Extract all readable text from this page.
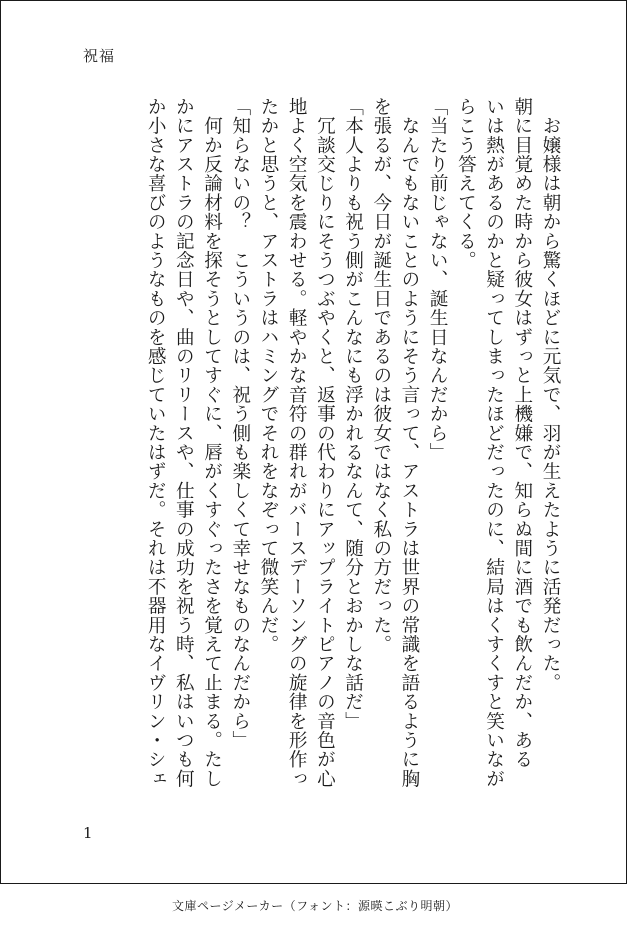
祝福
　お嬢様は朝から驚くほどに元気で、羽が生えたように活発だった。
朝に目覚めた時から彼女はずっと上機嫌で、知らぬ間に酒でも飲んだか、ある
いは熱があるのかと疑ってしまったほどだったのに、結局はくすくすと笑いなが
らこう答えてくる。
「当たり前じゃない、誕生日なんだから」
　なんでもないことのようにそう言って、アストラは世界の常識を語るように胸
を張るが、今日が誕生日であるのは彼女ではなく私の方だった。
「本人よりも祝う側がこんなにも浮かれるなんて、随分とおかしな話だ」
　冗談交じりにそうつぶやくと、返事の代わりにアップライトピアノの音色が心
地よく空気を震わせる。軽やかな音符の群れがバースデーソングの旋律を形作っ
たかと思うと、アストラはハミングでそれをなぞって微笑んだ。
「知らないの？　こういうのは、祝う側も楽しくて幸せなものなんだから」
　何か反論材料を探そうとしてすぐに、唇がくすぐったさを覚えて止まる。たし
かにアストラの記念日や、曲のリリースや、仕事の成功を祝う時、私はいつも何
か小さな喜びのようなものを感じていたはずだ。それは不器用なイヴリン・シェ
1
文庫ページメーカー（フォント：源暎こぶり明朝）
